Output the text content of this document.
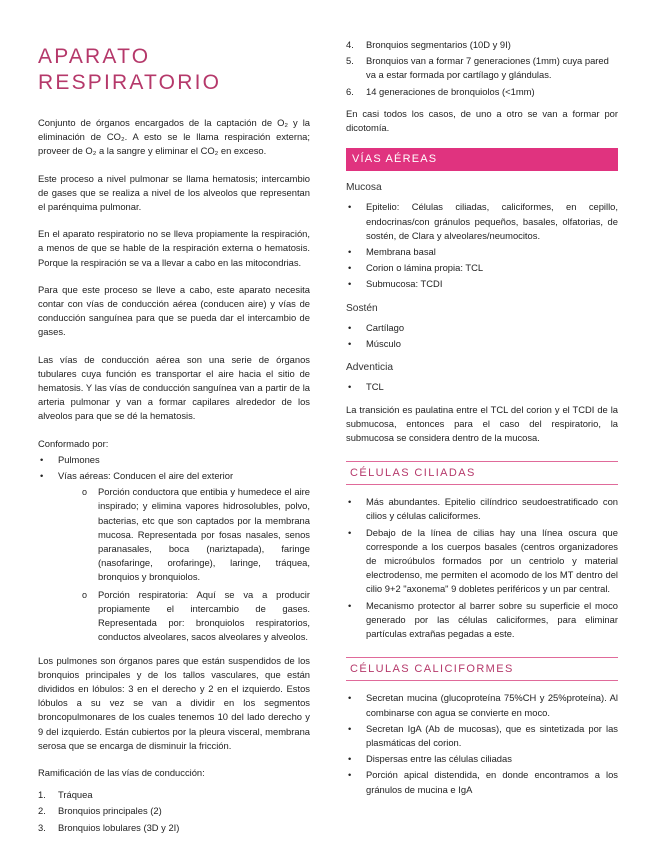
APARATO RESPIRATORIO

Conjunto de órganos encargados de la captación de O₂ y la eliminación de CO₂. A esto se le llama respiración externa; proveer de O₂ a la sangre y eliminar el CO₂ en exceso.

Este proceso a nivel pulmonar se llama hematosis; intercambio de gases que se realiza a nivel de los alveolos que representan el parénquima pulmonar.

En el aparato respiratorio no se lleva propiamente la respiración, a menos de que se hable de la respiración externa o hematosis. Porque la respiración se va a llevar a cabo en las mitocondrias.

Para que este proceso se lleve a cabo, este aparato necesita contar con vías de conducción aérea (conducen aire) y vías de conducción sanguínea para que se pueda dar el intercambio de gases.

Las vías de conducción aérea son una serie de órganos tubulares cuya función es transportar el aire hacia el sitio de hematosis. Y las vías de conducción sanguínea van a partir de la arteria pulmonar y van a formar capilares alrededor de los alveolos para que se dé la hematosis.

Conformado por:
• Pulmones
• Vías aéreas: Conducen el aire del exterior
o Porción conductora que entibia y humedece el aire inspirado; y elimina vapores hidrosolubles, polvo, bacterias, etc que son captados por la membrana mucosa. Representada por fosas nasales, senos paranasales, boca (nariztapada), faringe (nasofaringe, orofaringe), laringe, tráquea, bronquios y bronquiolos.
o Porción respiratoria: Aquí se va a producir propiamente el intercambio de gases. Representada por: bronquiolos respiratorios, conductos alveolares, sacos alveolares y alveolos.

Los pulmones son órganos pares que están suspendidos de los bronquios principales y de los tallos vasculares, que están divididos en lóbulos: 3 en el derecho y 2 en el izquierdo. Estos lóbulos a su vez se van a dividir en los segmentos broncopulmonares de los cuales tenemos 10 del lado derecho y 9 del izquierdo. Están cubiertos por la pleura visceral, membrana serosa que se encarga de disminuir la fricción.

Ramificación de las vías de conducción:
1. Tráquea
2. Bronquios principales (2)
3. Bronquios lobulares (3D y 2I)
4. Bronquios segmentarios (10D y 9I)
5. Bronquios van a formar 7 generaciones (1mm) cuya pared va a estar formada por cartílago y glándulas.
6. 14 generaciones de bronquiolos (<1mm)

En casi todos los casos, de uno a otro se van a formar por dicotomía.

VÍAS AÉREAS
Mucosa
• Epitelio: Células ciliadas, caliciformes, en cepillo, endocrinas/con gránulos pequeños, basales, olfatorias, de sostén, de Clara y alveolares/neumocitos.
• Membrana basal
• Corion o lámina propia: TCL
• Submucosa: TCDI
Sostén
• Cartílago
• Músculo
Adventicia
• TCL

La transición es paulatina entre el TCL del corion y el TCDI de la submucosa, entonces para el caso del respiratorio, la submucosa se considera dentro de la mucosa.

CÉLULAS CILIADAS
• Más abundantes. Epitelio cilíndrico seudoestratificado con cilios y células caliciformes.
• Debajo de la línea de cilias hay una línea oscura que corresponde a los cuerpos basales (centros organizadores de microúbulos formados por un centriolo y material electrodenso, me permiten el acomodo de los MT dentro del cilio 9+2 "axonema" 9 dobletes periféricos y un par central.
• Mecanismo protector al barrer sobre su superficie el moco generado por las células caliciformes, para eliminar partículas extrañas pegadas a este.
CÉLULAS CALICIFORMES
• Secretan mucina (glucoproteína 75%CH y 25%proteína). Al combinarse con agua se convierte en moco.
• Secretan IgA (Ab de mucosas), que es sintetizada por las plasmáticas del corion.
• Dispersas entre las células ciliadas
• Porción apical distendida, en donde encontramos a los gránulos de mucina e IgA
